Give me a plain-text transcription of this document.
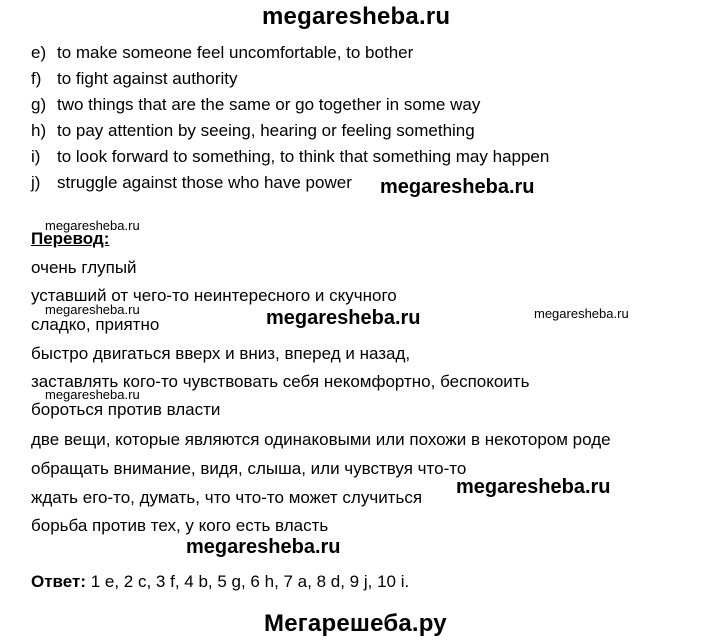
megaresheba.ru
e) to make someone feel uncomfortable, to bother
f) to fight against authority
g) two things that are the same or go together in some way
h) to pay attention by seeing, hearing or feeling something
i) to look forward to something, to think that something may happen
j) struggle against those who have power megaresheba.ru
megaresheba.ru
Перевод:
очень глупый
уставший от чего-то неинтересного и скучного
megaresheba.ru
сладко, приятно	megaresheba.ru	megaresheba.ru
быстро двигаться вверх и вниз, вперед и назад,
заставлять кого-то чувствовать себя некомфортно, беспокоить
megaresheba.ru
бороться против власти
две вещи, которые являются одинаковыми или похожи в некотором роде
обращать внимание, видя, слыша, или чувствуя что-то
ждать его-то, думать, что что-то может случиться megaresheba.ru
борьба против тех, у кого есть власть
megaresheba.ru
Ответ: 1 e, 2 c, 3 f, 4 b, 5 g, 6 h, 7 a, 8 d, 9 j, 10 i.
Мегарешеба.ру
